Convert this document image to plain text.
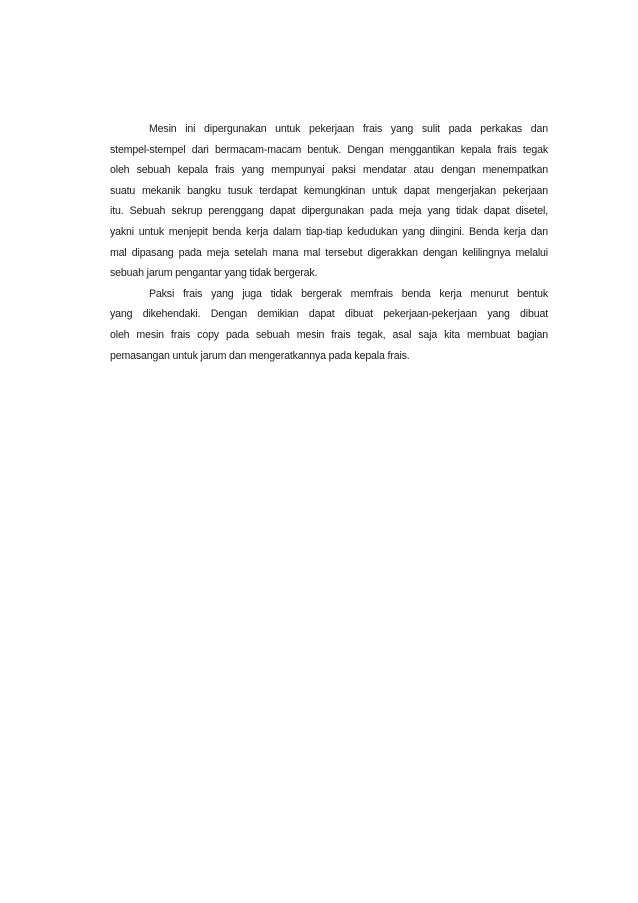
Mesin ini dipergunakan untuk pekerjaan frais yang sulit pada perkakas dan
stempel-stempel dari bermacam-macam bentuk. Dengan menggantikan kepala frais tegak
oleh sebuah kepala frais yang mempunyai paksi mendatar atau dengan menempatkan
suatu mekanik bangku tusuk terdapat kemungkinan untuk dapat mengerjakan pekerjaan
itu. Sebuah sekrup perenggang dapat dipergunakan pada meja yang tidak dapat disetel,
yakni untuk menjepit benda kerja dalam tiap-tiap kedudukan yang diingini. Benda kerja dan
mal dipasang pada meja setelah mana mal tersebut digerakkan dengan kelilingnya melalui
sebuah jarum pengantar yang tidak bergerak.
Paksi frais yang juga tidak bergerak memfrais benda kerja menurut bentuk
yang dikehendaki. Dengan demikian dapat dibuat pekerjaan-pekerjaan yang dibuat
oleh mesin frais copy pada sebuah mesin frais tegak, asal saja kita membuat bagian
pemasangan untuk jarum dan mengeratkannya pada kepala frais.
